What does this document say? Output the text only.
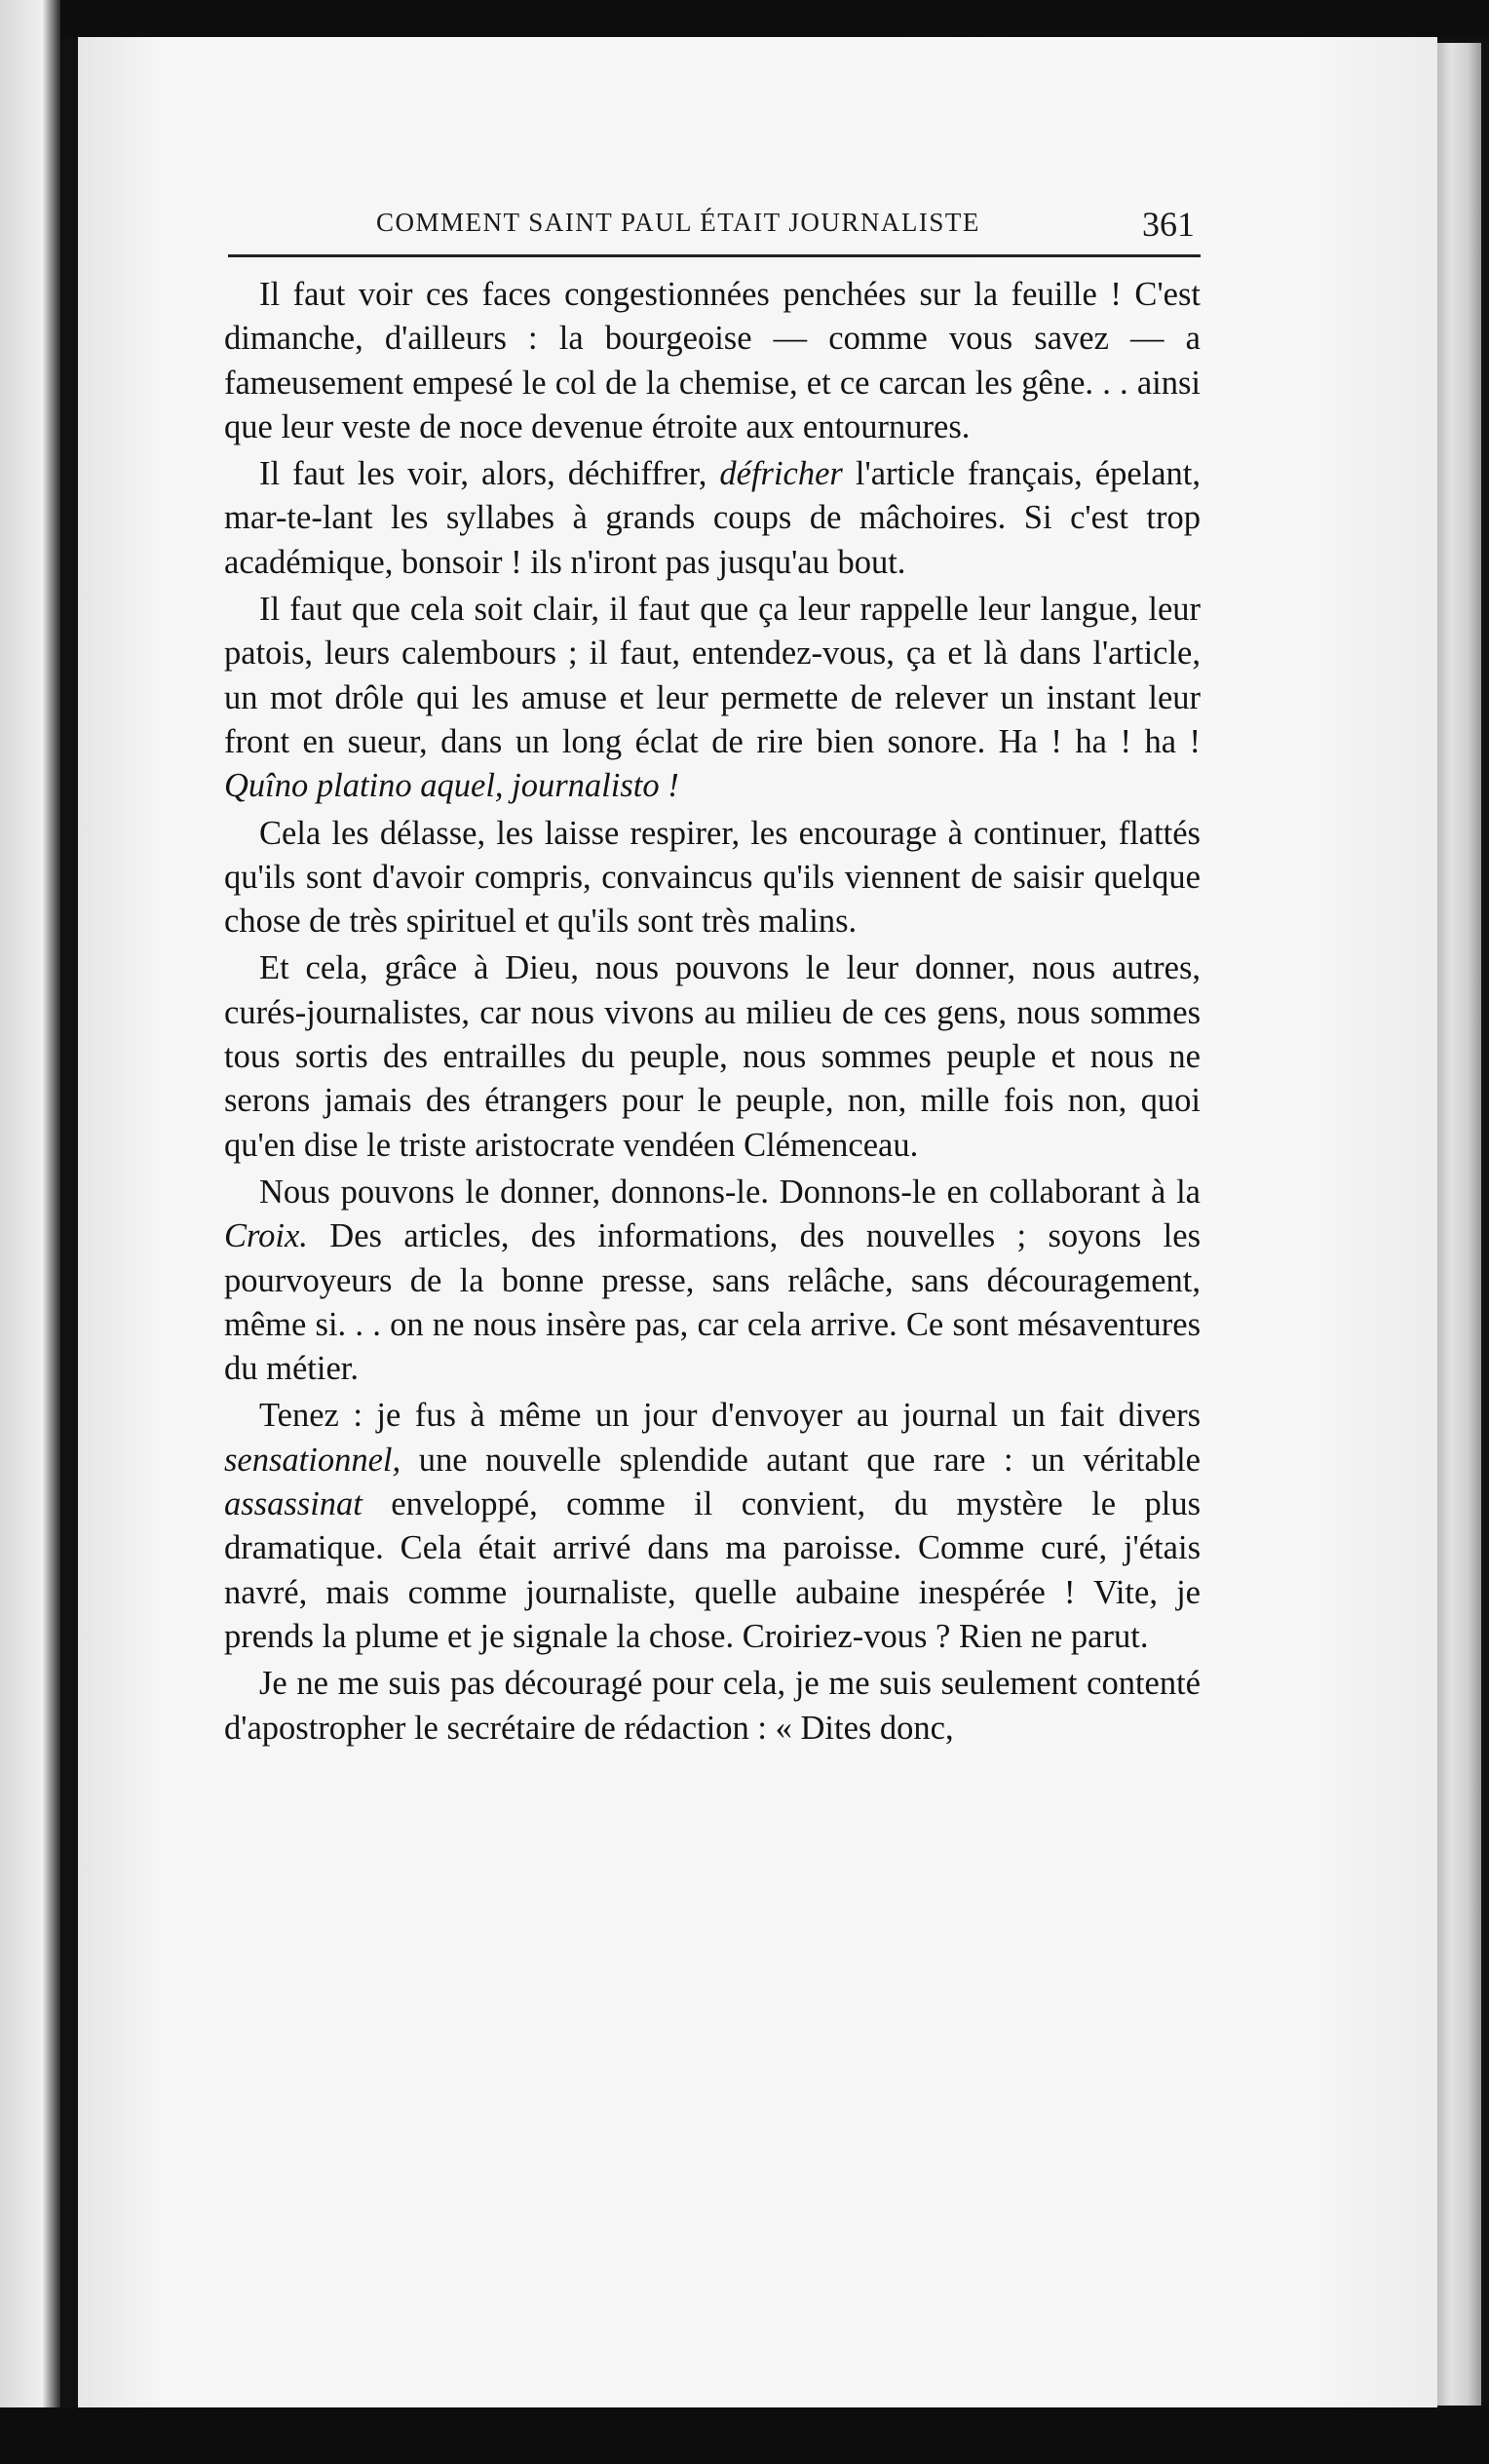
COMMENT SAINT PAUL ÉTAIT JOURNALISTE	361

Il faut voir ces faces congestionnées penchées sur la feuille ! C'est dimanche, d'ailleurs : la bourgeoise — comme vous savez — a fameusement empesé le col de la chemise, et ce carcan les gêne. . . ainsi que leur veste de noce devenue étroite aux entournures.

Il faut les voir, alors, déchiffrer, défricher l'article français, épelant, mar-te-lant les syllabes à grands coups de mâchoires. Si c'est trop académique, bonsoir ! ils n'iront pas jusqu'au bout.

Il faut que cela soit clair, il faut que ça leur rappelle leur langue, leur patois, leurs calembours ; il faut, entendez-vous, ça et là dans l'article, un mot drôle qui les amuse et leur permette de relever un instant leur front en sueur, dans un long éclat de rire bien sonore. Ha ! ha ! ha ! Quîno platino aquel, journalisto !

Cela les délasse, les laisse respirer, les encourage à continuer, flattés qu'ils sont d'avoir compris, convaincus qu'ils viennent de saisir quelque chose de très spirituel et qu'ils sont très malins.

Et cela, grâce à Dieu, nous pouvons le leur donner, nous autres, curés-journalistes, car nous vivons au milieu de ces gens, nous sommes tous sortis des entrailles du peuple, nous sommes peuple et nous ne serons jamais des étrangers pour le peuple, non, mille fois non, quoi qu'en dise le triste aristocrate vendéen Clémenceau.

Nous pouvons le donner, donnons-le. Donnons-le en collaborant à la Croix. Des articles, des informations, des nouvelles ; soyons les pourvoyeurs de la bonne presse, sans relâche, sans découragement, même si. . . on ne nous insère pas, car cela arrive. Ce sont mésaventures du métier.

Tenez : je fus à même un jour d'envoyer au journal un fait divers sensationnel, une nouvelle splendide autant que rare : un véritable assassinat enveloppé, comme il convient, du mystère le plus dramatique. Cela était arrivé dans ma paroisse. Comme curé, j'étais navré, mais comme journaliste, quelle aubaine inespérée ! Vite, je prends la plume et je signale la chose. Croiriez-vous ? Rien ne parut.

Je ne me suis pas découragé pour cela, je me suis seulement contenté d'apostropher le secrétaire de rédaction : « Dites donc,
